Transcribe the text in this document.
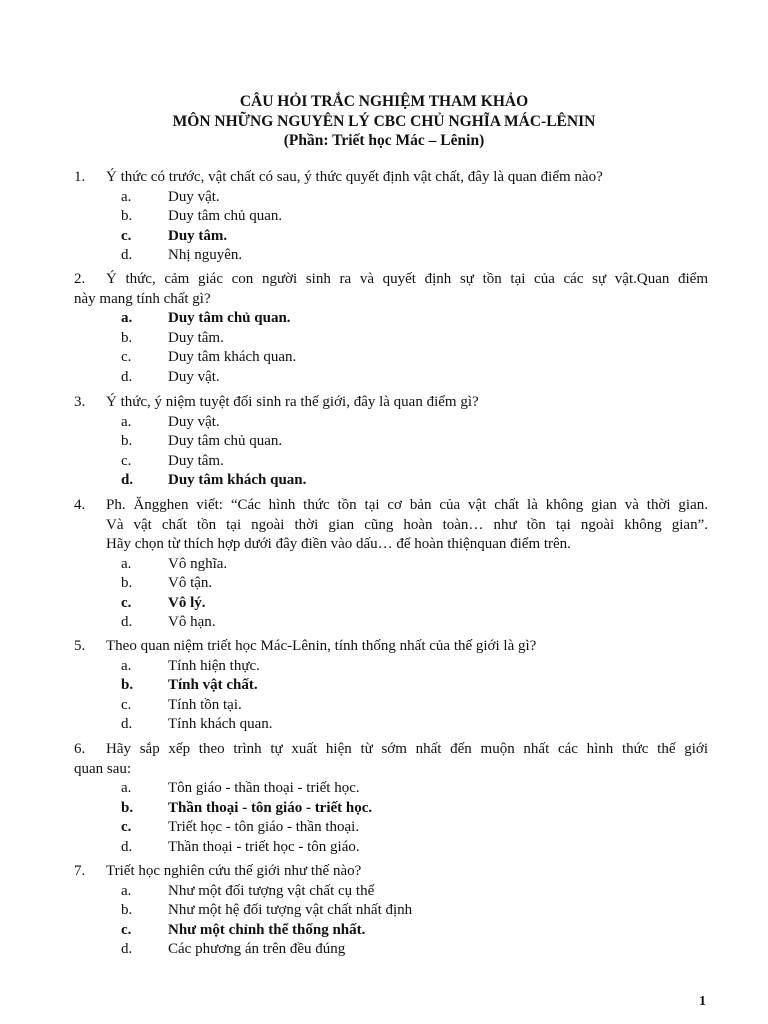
CÂU HỎI TRẮC NGHIỆM THAM KHẢO
MÔN NHỮNG NGUYÊN LÝ CBC CHỦ NGHĨA MÁC-LÊNIN
(Phần: Triết học Mác – Lênin)
1.	Ý thức có trước, vật chất có sau, ý thức quyết định vật chất, đây là quan điểm nào?
a.	Duy vật.
b.	Duy tâm chủ quan.
c.	Duy tâm.
d.	Nhị nguyên.
2.	Ý thức, cảm giác con người sinh ra và quyết định sự tồn tại của các sự vật.Quan điểm
này mang tính chất gì?
a.	Duy tâm chủ quan.
b.	Duy tâm.
c.	Duy tâm khách quan.
d.	Duy vật.
3.	Ý thức, ý niệm tuyệt đối sinh ra thế giới, đây là quan điểm gì?
a.	Duy vật.
b.	Duy tâm chủ quan.
c.	Duy tâm.
d.	Duy tâm khách quan.
4.	Ph. Ăngghen viết: “Các hình thức tồn tại cơ bản của vật chất là không gian và thời gian.
Và vật chất tồn tại ngoài thời gian cũng hoàn toàn… như tồn tại ngoài không gian”.
Hãy chọn từ thích hợp dưới đây điền vào dấu… để hoàn thiệnquan điểm trên.
a.	Vô nghĩa.
b.	Vô tận.
c.	Vô lý.
d.	Vô hạn.
5.	Theo quan niệm triết học Mác-Lênin, tính thống nhất của thế giới là gì?
a.	Tính hiện thực.
b.	Tính vật chất.
c.	Tính tồn tại.
d.	Tính khách quan.
6.	Hãy sắp xếp theo trình tự xuất hiện từ sớm nhất đến muộn nhất các hình thức thế giới
quan sau:
a.	Tôn giáo - thần thoại - triết học.
b.	Thần thoại - tôn giáo - triết học.
c.	Triết học - tôn giáo - thần thoại.
d.	Thần thoại - triết học - tôn giáo.
7.	Triết học nghiên cứu thế giới như thế nào?
a.	Như một đối tượng vật chất cụ thể
b.	Như một hệ đối tượng vật chất nhất định
c.	Như một chỉnh thể thống nhất.
d.	Các phương án trên đều đúng
1
